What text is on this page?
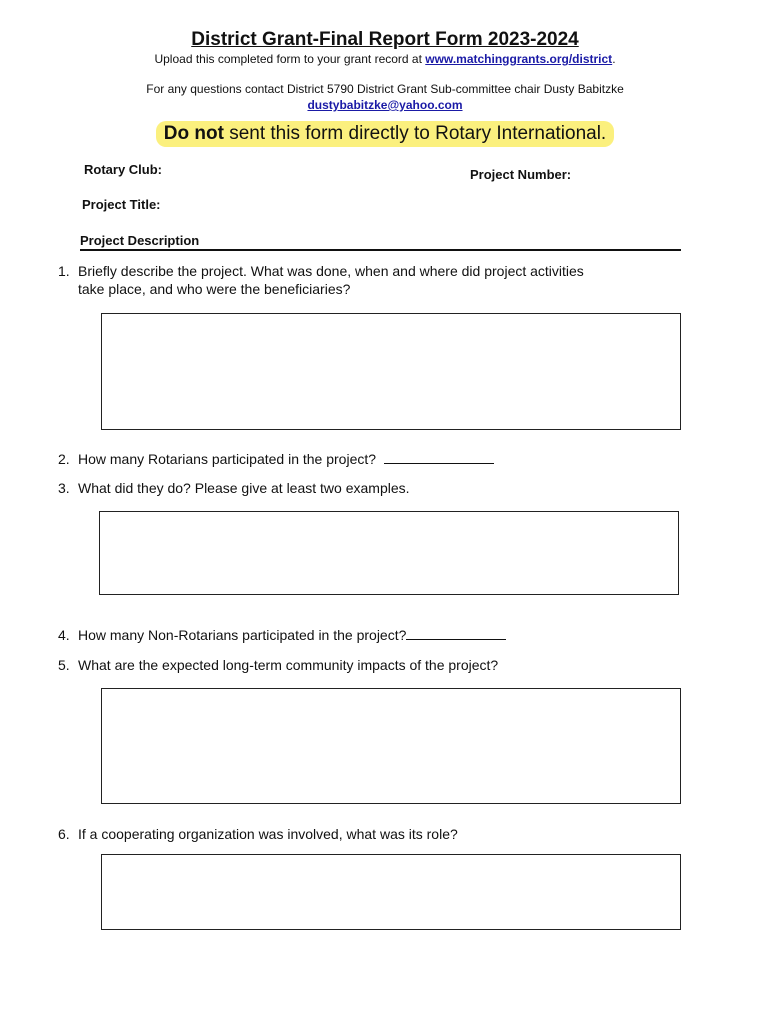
District Grant-Final Report Form 2023-2024
Upload this completed form to your grant record at www.matchinggrants.org/district.
For any questions contact District 5790 District Grant Sub-committee chair Dusty Babitzke
dustybabitzke@yahoo.com
Do not sent this form directly to Rotary International.
Rotary Club:	Project Number:
Project Title:
Project Description
1. Briefly describe the project. What was done, when and where did project activities
take place, and who were the beneficiaries?
2. How many Rotarians participated in the project?
3. What did they do? Please give at least two examples.
4. How many Non-Rotarians participated in the project?
5. What are the expected long-term community impacts of the project?
6. If a cooperating organization was involved, what was its role?
